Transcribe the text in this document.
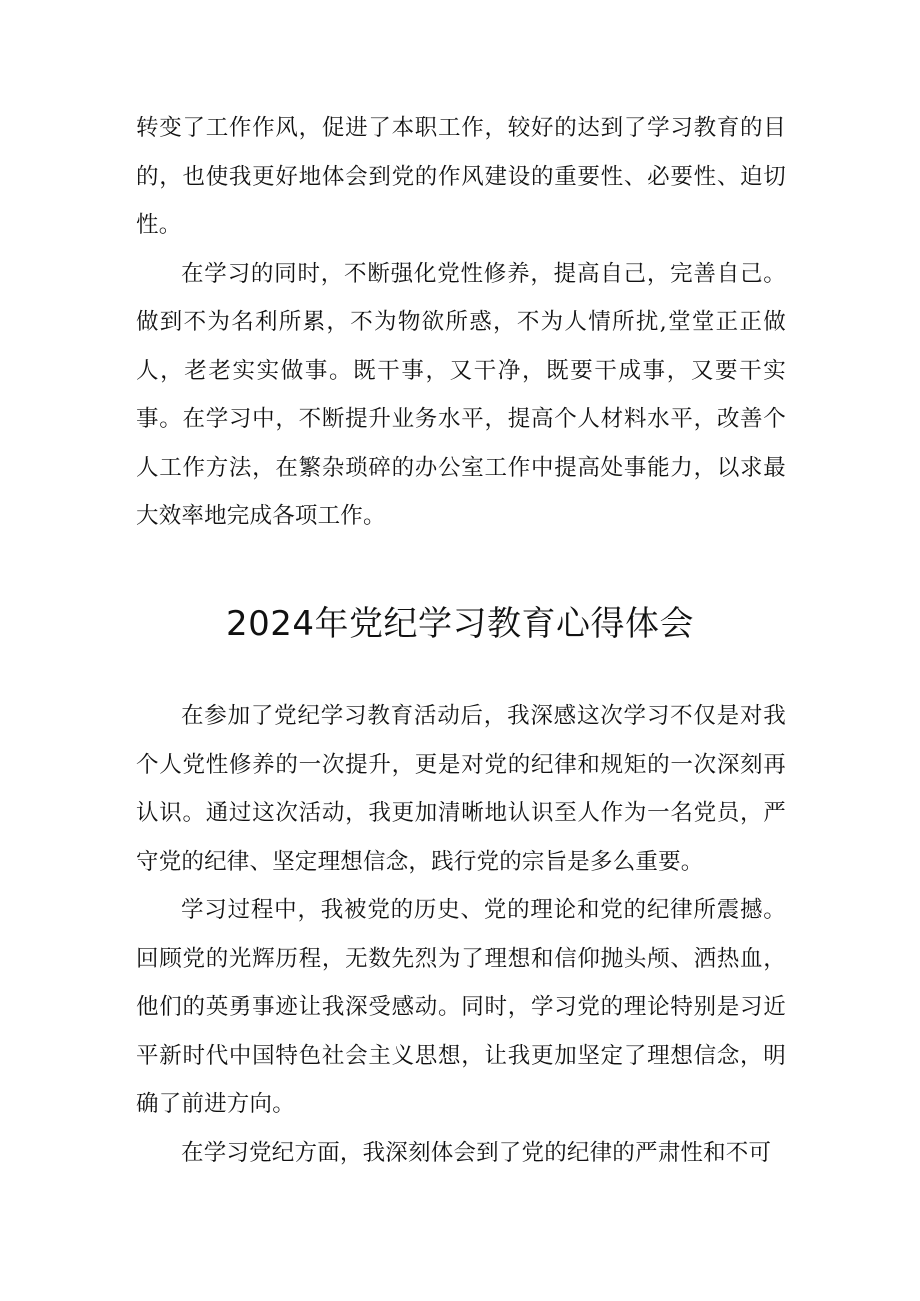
转变了工作作风，促进了本职工作，较好的达到了学习教育的目的，也使我更好地体会到党的作风建设的重要性、必要性、迫切性。

在学习的同时，不断强化党性修养，提高自己，完善自己。做到不为名利所累，不为物欲所惑，不为人情所扰,堂堂正正做人，老老实实做事。既干事，又干净，既要干成事，又要干实事。在学习中，不断提升业务水平，提高个人材料水平，改善个人工作方法，在繁杂琐碎的办公室工作中提高处事能力，以求最大效率地完成各项工作。

2024年党纪学习教育心得体会

在参加了党纪学习教育活动后，我深感这次学习不仅是对我个人党性修养的一次提升，更是对党的纪律和规矩的一次深刻再认识。通过这次活动，我更加清晰地认识至人作为一名党员，严守党的纪律、坚定理想信念，践行党的宗旨是多么重要。

学习过程中，我被党的历史、党的理论和党的纪律所震撼。回顾党的光辉历程，无数先烈为了理想和信仰抛头颅、洒热血，他们的英勇事迹让我深受感动。同时，学习党的理论特别是习近平新时代中国特色社会主义思想，让我更加坚定了理想信念，明确了前进方向。

在学习党纪方面，我深刻体会到了党的纪律的严肃性和不可
